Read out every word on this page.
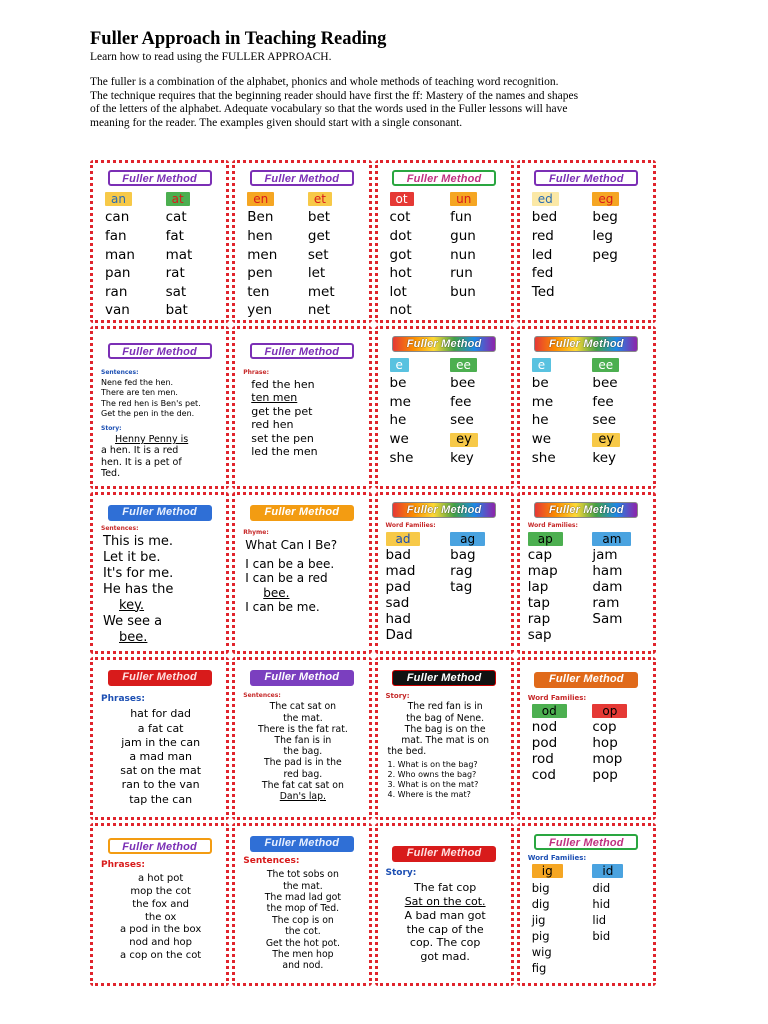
Fuller Approach in Teaching Reading
Learn how to read using the FULLER APPROACH.
The fuller is a combination of the alphabet, phonics and whole methods of teaching word recognition.
The technique requires that the beginning reader should have first the ff: Mastery of the names and shapes
of the letters of the alphabet. Adequate vocabulary so that the words used in the Fuller lessons will have
meaning for the reader. The examples given should start with a single consonant.
Fuller Method
an	at
can	cat
fan	fat
man	mat
pan	rat
ran	sat
van	bat
Fuller Method
en	et
Ben	bet
hen	get
men	set
pen	let
ten	met
yen	net
Fuller Method
ot	un
cot	fun
dot	gun
got	nun
hot	run
lot	bun
not
Fuller Method
ed	eg
bed	beg
red	leg
led	peg
fed
Ted
Fuller Method
Sentences:
Nene fed the hen.
There are ten men.
The red hen is Ben's pet.
Get the pen in the den.
Story:
Henny Penny is
a hen. It is a red
hen. It is a pet of
Ted.
Fuller Method
Phrase:
fed the hen
ten men
get the pet
red hen
set the pen
led the men
Fuller Method
e	ee
be	bee
me	fee
he	see
we	ey
she	key
Fuller Method
e	ee
be	bee
me	fee
he	see
we	ey
she	key
Fuller Method
Sentences:
This is me.
Let it be.
It's for me.
He has the
key.
We see a
bee.
Fuller Method
Rhyme:
What Can I Be?
I can be a bee.
I can be a red
bee.
I can be me.
Fuller Method
Word Families:
ad	ag
bad	bag
mad	rag
pad	tag
sad
had
Dad
Fuller Method
Word Families:
ap	am
cap	jam
map	ham
lap	dam
tap	ram
rap	Sam
sap
Fuller Method
Phrases:
hat for dad
a fat cat
jam in the can
a mad man
sat on the mat
ran to the van
tap the can
Fuller Method
Sentences:
The cat sat on
the mat.
There is the fat rat.
The fan is in
the bag.
The pad is in the
red bag.
The fat cat sat on
Dan's lap.
Fuller Method
Story:
The red fan is in
the bag of Nene.
The bag is on the
mat. The mat is on
the bed.
1. What is on the bag?
2. Who owns the bag?
3. What is on the mat?
4. Where is the mat?
Fuller Method
Word Families:
od	op
nod	cop
pod	hop
rod	mop
cod	pop
Fuller Method
Phrases:
a hot pot
mop the cot
the fox and
the ox
a pod in the box
nod and hop
a cop on the cot
Fuller Method
Sentences:
The tot sobs on
the mat.
The mad lad got
the mop of Ted.
The cop is on
the cot.
Get the hot pot.
The men hop
and nod.
Fuller Method
Story:
The fat cop
Sat on the cot.
A bad man got
the cap of the
cop. The cop
got mad.
Fuller Method
Word Families:
ig	id
big	did
dig	hid
jig	lid
pig	bid
wig
fig
